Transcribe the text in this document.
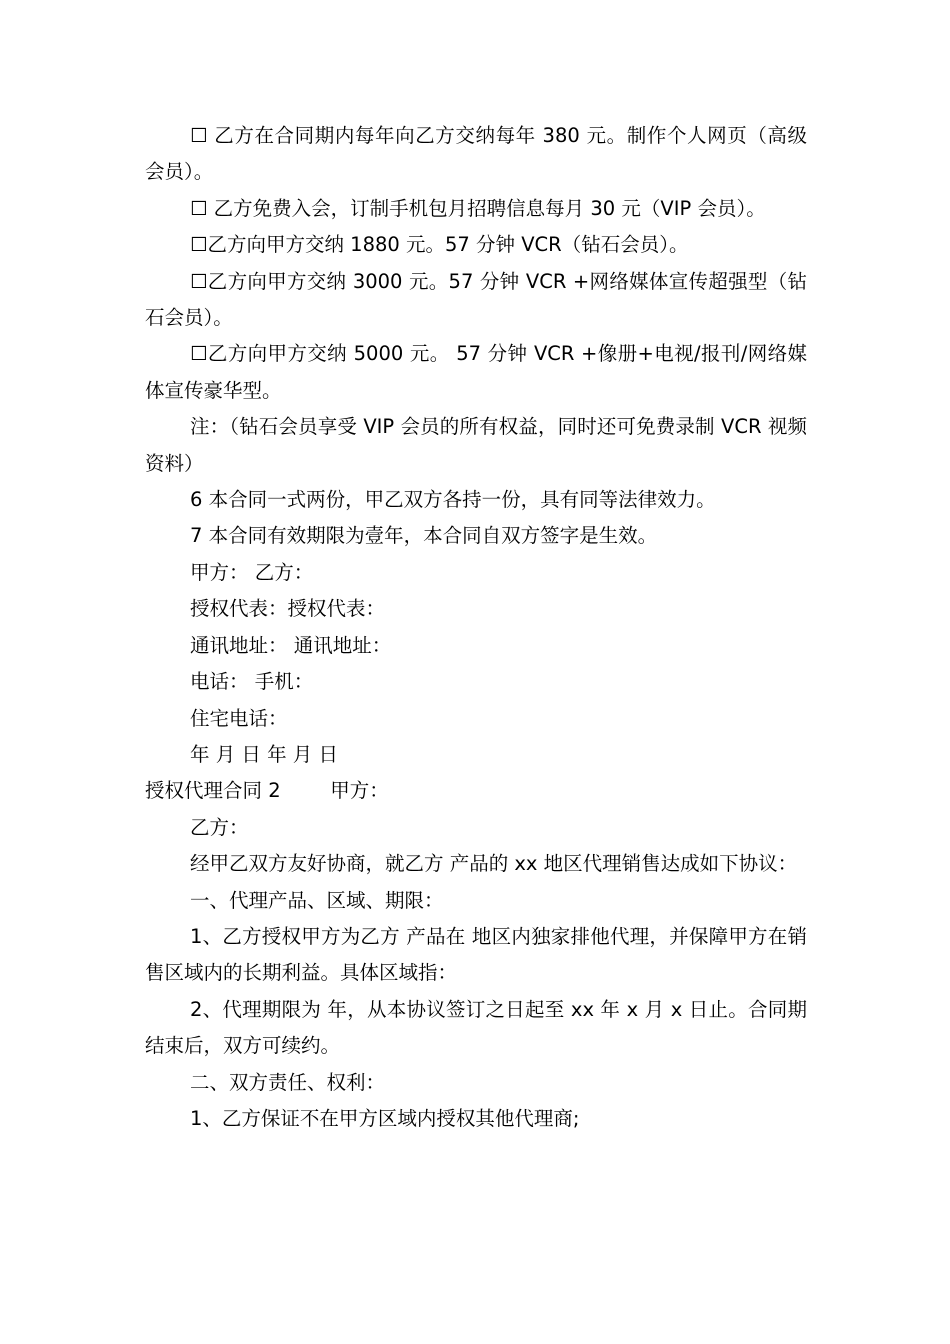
☐ 乙方在合同期内每年向乙方交纳每年 380 元。制作个人网页（高级会员）。

☐ 乙方免费入会，订制手机包月招聘信息每月 30 元（VIP 会员）。

☐乙方向甲方交纳 1880 元。57 分钟 VCR（钻石会员）。

☐乙方向甲方交纳 3000 元。57 分钟 VCR +网络媒体宣传超强型（钻石会员）。

☐乙方向甲方交纳 5000 元。 57 分钟 VCR +像册+电视/报刊/网络媒体宣传豪华型。

注：（钻石会员享受 VIP 会员的所有权益，同时还可免费录制 VCR 视频资料）

6 本合同一式两份，甲乙双方各持一份，具有同等法律效力。

7 本合同有效期限为壹年，本合同自双方签字是生效。

甲方： 乙方：

授权代表：授权代表：

通讯地址： 通讯地址：

电话： 手机：

住宅电话：

年 月 日 年 月 日

授权代理合同 2        甲方：

乙方：

经甲乙双方友好协商，就乙方 产品的 xx 地区代理销售达成如下协议：

一、代理产品、区域、期限：

1、乙方授权甲方为乙方 产品在 地区内独家排他代理，并保障甲方在销售区域内的长期利益。具体区域指：

2、代理期限为 年，从本协议签订之日起至 xx 年 x 月 x 日止。合同期结束后，双方可续约。

二、双方责任、权利：

1、乙方保证不在甲方区域内授权其他代理商;
